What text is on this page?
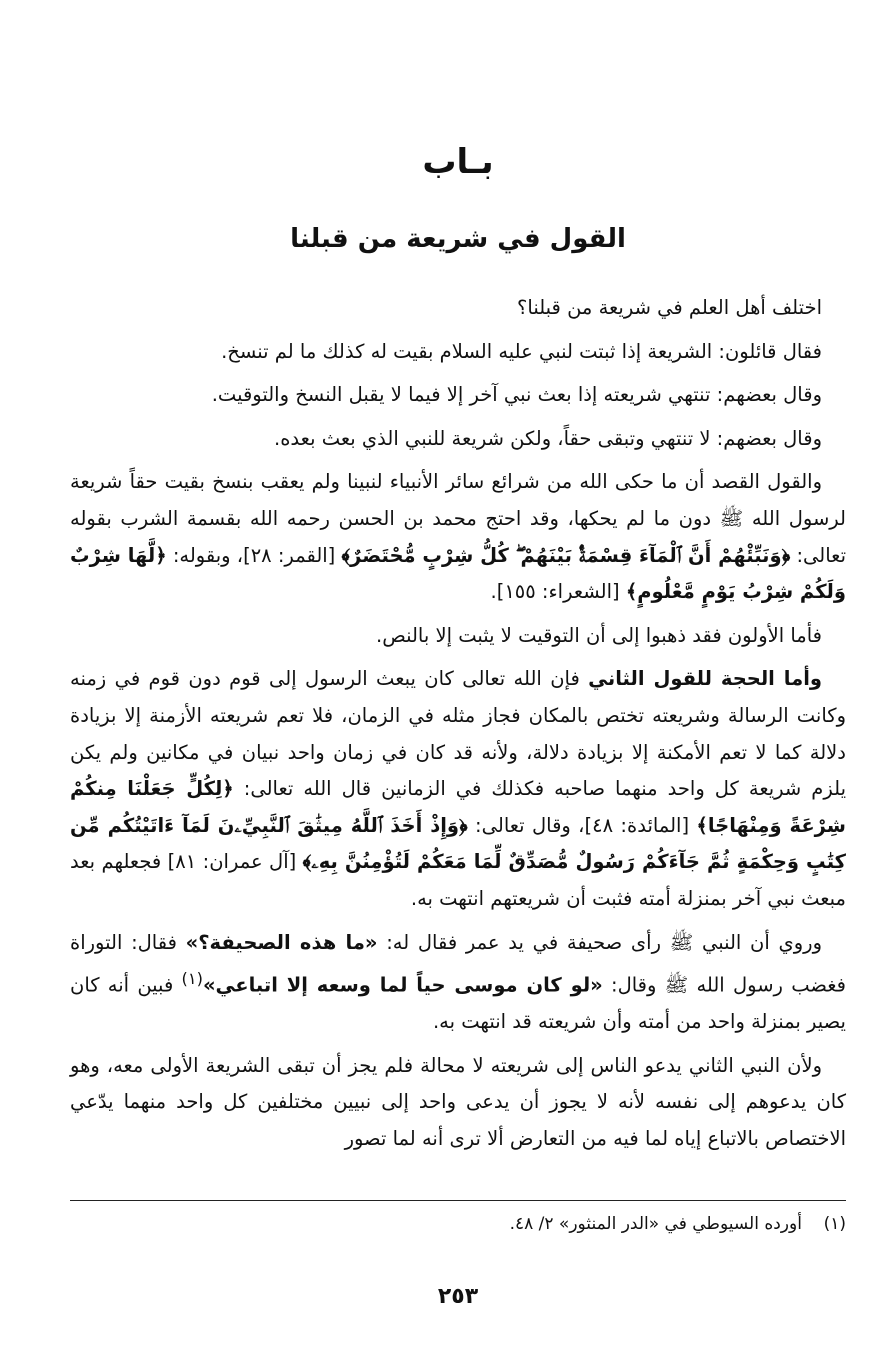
بـاب
القول في شريعة من قبلنا

اختلف أهل العلم في شريعة من قبلنا؟

فقال قائلون: الشريعة إذا ثبتت لنبي عليه السلام بقيت له كذلك ما لم تنسخ.

وقال بعضهم: تنتهي شريعته إذا بعث نبي آخر إلا فيما لا يقبل النسخ والتوقيت.

وقال بعضهم: لا تنتهي وتبقى حقاً، ولكن شريعة للنبي الذي بعث بعده.

والقول القصد أن ما حكى الله من شرائع سائر الأنبياء لنبينا ولم يعقب بنسخ بقيت حقاً شريعة لرسول الله ﷺ دون ما لم يحكها، وقد احتج محمد بن الحسن رحمه الله بقسمة الشرب بقوله تعالى: ﴿وَنَبِّئْهُمْ أَنَّ ٱلْمَآءَ قِسْمَةٌۢ بَيْنَهُمْ ۖ كُلُّ شِرْبٍ مُّحْتَضَرٌ﴾ [القمر: ٢٨]، وبقوله: ﴿لَّهَا شِرْبٌ وَلَكُمْ شِرْبُ يَوْمٍ مَّعْلُومٍ﴾ [الشعراء: ١٥٥].

فأما الأولون فقد ذهبوا إلى أن التوقيت لا يثبت إلا بالنص.

وأما الحجة للقول الثاني فإن الله تعالى كان يبعث الرسول إلى قوم دون قوم في زمنه وكانت الرسالة وشريعته تختص بالمكان فجاز مثله في الزمان، فلا تعم شريعته الأزمنة إلا بزيادة دلالة كما لا تعم الأمكنة إلا بزيادة دلالة، ولأنه قد كان في زمان واحد نبيان في مكانين ولم يكن يلزم شريعة كل واحد منهما صاحبه فكذلك في الزمانين قال الله تعالى: ﴿لِكُلٍّ جَعَلْنَا مِنكُمْ شِرْعَةً وَمِنْهَاجًا﴾ [المائدة: ٤٨]، وقال تعالى: ﴿وَإِذْ أَخَذَ ٱللَّهُ مِيثَٰقَ ٱلنَّبِيِّۦنَ لَمَآ ءَاتَيْتُكُم مِّن كِتَٰبٍ وَحِكْمَةٍ ثُمَّ جَآءَكُمْ رَسُولٌ مُّصَدِّقٌ لِّمَا مَعَكُمْ لَتُؤْمِنُنَّ بِهِۦ﴾ [آل عمران: ٨١] فجعلهم بعد مبعث نبي آخر بمنزلة أمته فثبت أن شريعتهم انتهت به.

وروي أن النبي ﷺ رأى صحيفة في يد عمر فقال له: «ما هذه الصحيفة؟» فقال: التوراة فغضب رسول الله ﷺ وقال: «لو كان موسى حياً لما وسعه إلا اتباعي»$^{(١)}$ فبين أنه كان يصير بمنزلة واحد من أمته وأن شريعته قد انتهت به.

ولأن النبي الثاني يدعو الناس إلى شريعته لا محالة فلم يجز أن تبقى الشريعة الأولى معه، وهو كان يدعوهم إلى نفسه لأنه لا يجوز أن يدعى واحد إلى نبيين مختلفين كل واحد منهما يدّعي الاختصاص بالاتباع إياه لما فيه من التعارض ألا ترى أنه لما تصور

(١)    أورده السيوطي في «الدر المنثور» ٢/ ٤٨.
٢٥٣
